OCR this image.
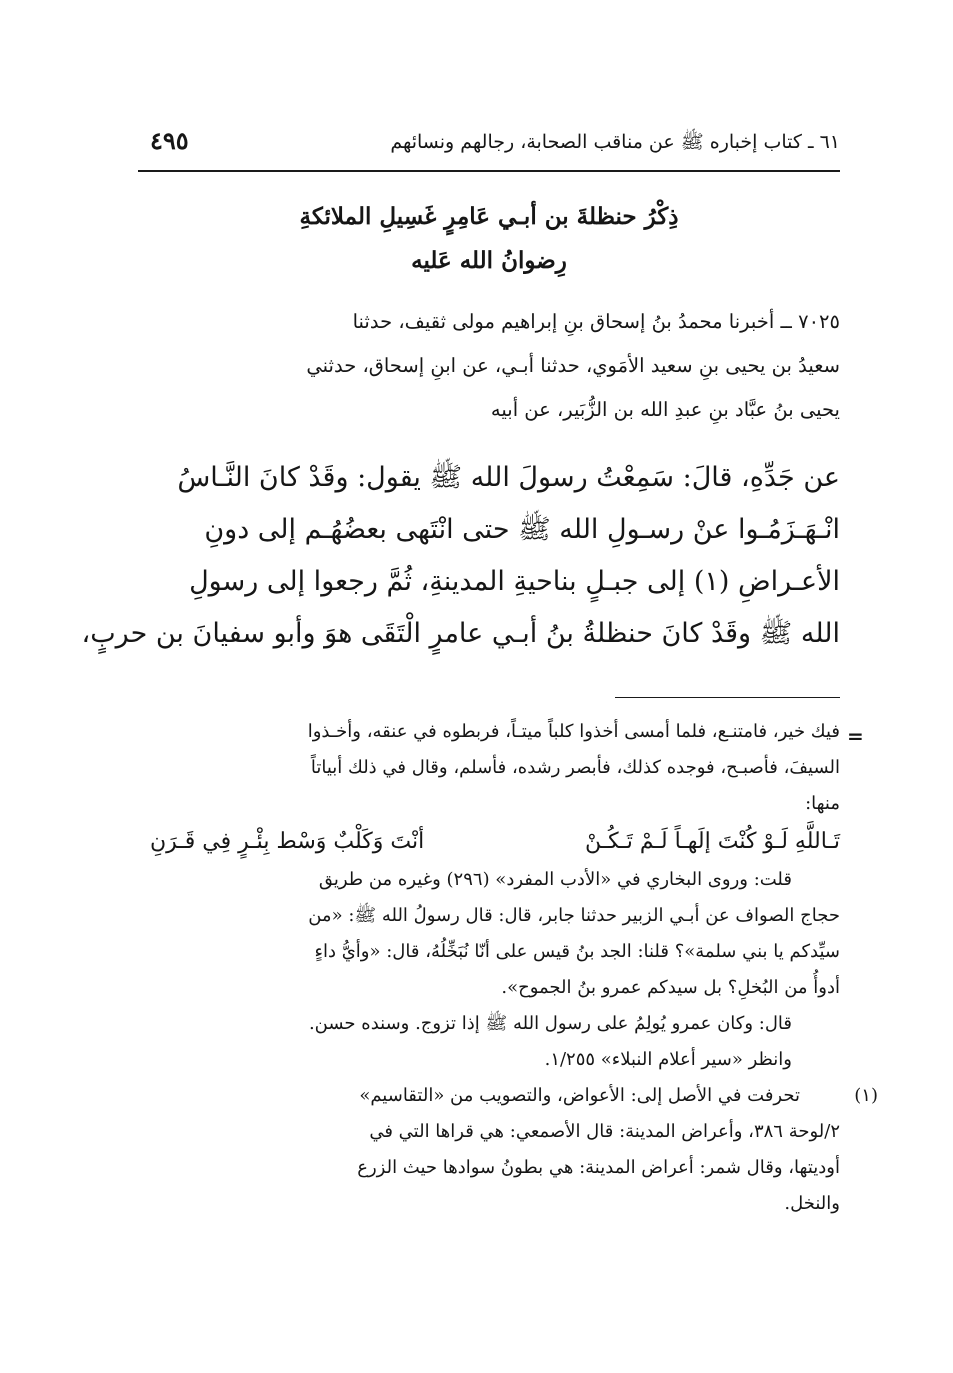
٦١ ـ كتاب إخباره ﷺ عن مناقب الصحابة، رجالهم ونسائهم
٤٩٥
ذِكْرُ حنظلةَ بن أبـي عَامِرٍ غَسِيلِ الملائكةِ
رِضوانُ الله عَليه
٧٠٢٥ ــ أخبرنا محمدُ بنُ إسحاق بنِ إبراهيم مولى ثقيف، حدثنا
سعيدُ بن يحيى بنِ سعيد الأمَوي، حدثنا أبـي، عن ابنِ إسحاق، حدثني
يحيى بنُ عبَّاد بنِ عبدِ الله بن الزُّبَير، عن أبيه
عن جَدِّهِ، قالَ: سَمِعْتُ رسولَ الله ﷺ يقول: وقَدْ كانَ النَّـاسُ
انْـهَـزَمُـوا عنْ رسـولِ الله ﷺ حتى انْتَهى بعضُهُـم إلى دونِ
الأعـراضِ (١) إلى جبـلٍ بناحيةِ المدينةِ، ثُمَّ رجعوا إلى رسولِ
الله ﷺ وقَدْ كانَ حنظلةُ بنُ أبـي عامرٍ الْتَقَى هوَ وأبو سفيانَ بن حربٍ،
=
فيك خير، فامتنـع، فلما أمسى أخذوا كلباً ميتـاً، فربطوه في عنقه، وأخـذوا
السيفَ، فأصبـح، فوجده كذلك، فأبصر رشده، فأسلم، وقال في ذلك أبياتاً
منها:
تَـاللَّهِ لَـوْ كُنْتَ إلَهـاً لَـمْ تَـكُـنْ
أنْتَ وَكَلْبٌ وَسْط بِئْـرٍ فِي قَـرَنِ
قلت: وروى البخاري في «الأدب المفرد» (٢٩٦) وغيره من طريق
حجاج الصواف عن أبـي الزبير حدثنا جابر، قال: قال رسولُ الله ﷺ: «من
سيِّدكم يا بني سلمة»؟ قلنا: الجد بنُ قيس على أنّا نُبَخِّلُهُ، قال: «وأيُّ داءٍ
أدوأُ من البُخلِ؟ بل سيدكم عمرو بنُ الجموح».
قال: وكان عمرو يُولِمُ على رسول الله ﷺ إذا تزوج. وسنده حسن.
وانظر «سير أعلام النبلاء» ١/٢٥٥.
(١)
تحرفت في الأصل إلى: الأعواض، والتصويب من «التقاسيم»
٢/لوحة ٣٨٦، وأعراض المدينة: قال الأصمعي: هي قراها التي في
أوديتها، وقال شمر: أعراض المدينة: هي بطونُ سوادها حيث الزرع
والنخل.
